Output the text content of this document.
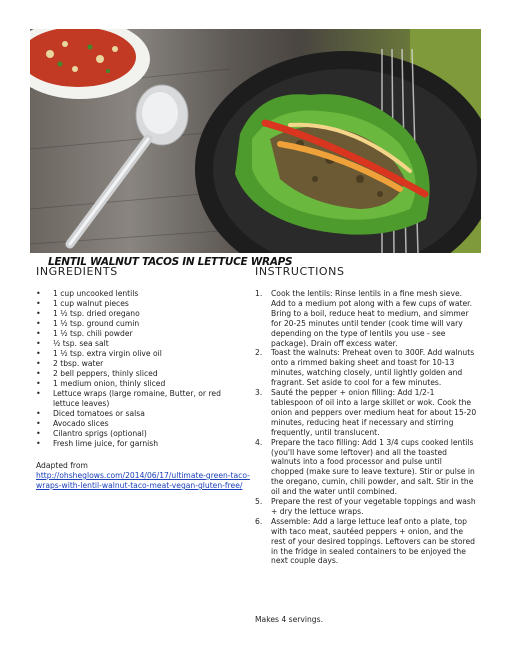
LENTIL WALNUT TACOS IN LETTUCE WRAPS
INGREDIENTS	INSTRUCTIONS
• 1 cup uncooked lentils
• 1 cup walnut pieces
• 1 ½ tsp. dried oregano
• 1 ½ tsp. ground cumin
• 1 ½ tsp. chili powder
• ½ tsp. sea salt
• 1 ½ tsp. extra virgin olive oil
• 2 tbsp. water
• 2 bell peppers, thinly sliced
• 1 medium onion, thinly sliced
• Lettuce wraps (large romaine, Butter, or red lettuce leaves)
• Diced tomatoes or salsa
• Avocado slices
• Cilantro sprigs (optional)
• Fresh lime juice, for garnish
Adapted from
http://ohsheglows.com/2014/06/17/ultimate-green-taco-wraps-with-lentil-walnut-taco-meat-vegan-gluten-free/
1. Cook the lentils: Rinse lentils in a fine mesh sieve. Add to a medium pot along with a few cups of water. Bring to a boil, reduce heat to medium, and simmer for 20-25 minutes until tender (cook time will vary depending on the type of lentils you use - see package). Drain off excess water.
2. Toast the walnuts: Preheat oven to 300F. Add walnuts onto a rimmed baking sheet and toast for 10-13 minutes, watching closely, until lightly golden and fragrant. Set aside to cool for a few minutes.
3. Sauté the pepper + onion filling: Add 1/2-1 tablespoon of oil into a large skillet or wok. Cook the onion and peppers over medium heat for about 15-20 minutes, reducing heat if necessary and stirring frequently, until translucent.
4. Prepare the taco filling: Add 1 3/4 cups cooked lentils (you'll have some leftover) and all the toasted walnuts into a food processor and pulse until chopped (make sure to leave texture). Stir or pulse in the oregano, cumin, chili powder, and salt. Stir in the oil and the water until combined.
5. Prepare the rest of your vegetable toppings and wash + dry the lettuce wraps.
6. Assemble: Add a large lettuce leaf onto a plate, top with taco meat, sautéed peppers + onion, and the rest of your desired toppings. Leftovers can be stored in the fridge in sealed containers to be enjoyed the next couple days.
Makes 4 servings.
